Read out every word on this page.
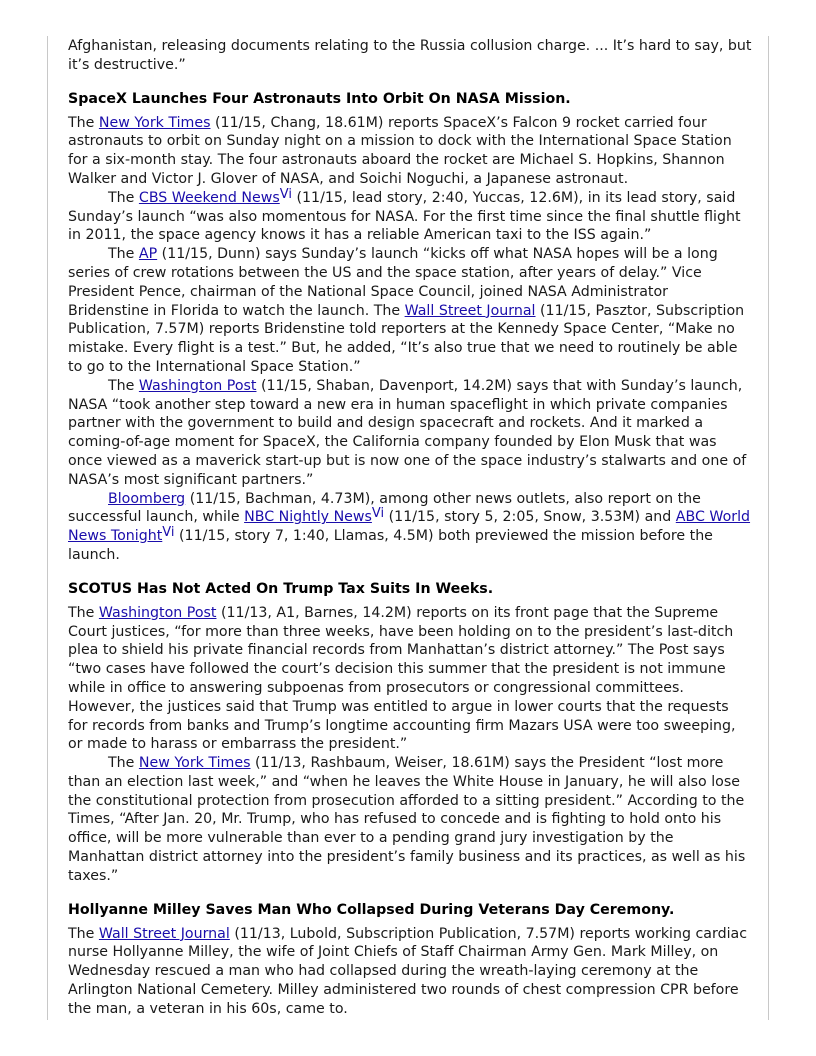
Afghanistan, releasing documents relating to the Russia collusion charge. ... It’s hard to say, but it’s destructive.”

SpaceX Launches Four Astronauts Into Orbit On NASA Mission.

The New York Times (11/15, Chang, 18.61M) reports SpaceX’s Falcon 9 rocket carried four astronauts to orbit on Sunday night on a mission to dock with the International Space Station for a six-month stay. The four astronauts aboard the rocket are Michael S. Hopkins, Shannon Walker and Victor J. Glover of NASA, and Soichi Noguchi, a Japanese astronaut.

The CBS Weekend News$^{Vi}$ (11/15, lead story, 2:40, Yuccas, 12.6M), in its lead story, said Sunday’s launch “was also momentous for NASA. For the first time since the final shuttle flight in 2011, the space agency knows it has a reliable American taxi to the ISS again.”

The AP (11/15, Dunn) says Sunday’s launch “kicks off what NASA hopes will be a long series of crew rotations between the US and the space station, after years of delay.” Vice President Pence, chairman of the National Space Council, joined NASA Administrator Bridenstine in Florida to watch the launch. The Wall Street Journal (11/15, Pasztor, Subscription Publication, 7.57M) reports Bridenstine told reporters at the Kennedy Space Center, “Make no mistake. Every flight is a test.” But, he added, “It’s also true that we need to routinely be able to go to the International Space Station.”

The Washington Post (11/15, Shaban, Davenport, 14.2M) says that with Sunday’s launch, NASA “took another step toward a new era in human spaceflight in which private companies partner with the government to build and design spacecraft and rockets. And it marked a coming-of-age moment for SpaceX, the California company founded by Elon Musk that was once viewed as a maverick start-up but is now one of the space industry’s stalwarts and one of NASA’s most significant partners.”

Bloomberg (11/15, Bachman, 4.73M), among other news outlets, also report on the successful launch, while NBC Nightly News$^{Vi}$ (11/15, story 5, 2:05, Snow, 3.53M) and ABC World News Tonight$^{Vi}$ (11/15, story 7, 1:40, Llamas, 4.5M) both previewed the mission before the launch.

SCOTUS Has Not Acted On Trump Tax Suits In Weeks.

The Washington Post (11/13, A1, Barnes, 14.2M) reports on its front page that the Supreme Court justices, “for more than three weeks, have been holding on to the president’s last-ditch plea to shield his private financial records from Manhattan’s district attorney.” The Post says “two cases have followed the court’s decision this summer that the president is not immune while in office to answering subpoenas from prosecutors or congressional committees. However, the justices said that Trump was entitled to argue in lower courts that the requests for records from banks and Trump’s longtime accounting firm Mazars USA were too sweeping, or made to harass or embarrass the president.”

The New York Times (11/13, Rashbaum, Weiser, 18.61M) says the President “lost more than an election last week,” and “when he leaves the White House in January, he will also lose the constitutional protection from prosecution afforded to a sitting president.” According to the Times, “After Jan. 20, Mr. Trump, who has refused to concede and is fighting to hold onto his office, will be more vulnerable than ever to a pending grand jury investigation by the Manhattan district attorney into the president’s family business and its practices, as well as his taxes.”

Hollyanne Milley Saves Man Who Collapsed During Veterans Day Ceremony.

The Wall Street Journal (11/13, Lubold, Subscription Publication, 7.57M) reports working cardiac nurse Hollyanne Milley, the wife of Joint Chiefs of Staff Chairman Army Gen. Mark Milley, on Wednesday rescued a man who had collapsed during the wreath-laying ceremony at the Arlington National Cemetery. Milley administered two rounds of chest compression CPR before the man, a veteran in his 60s, came to.
